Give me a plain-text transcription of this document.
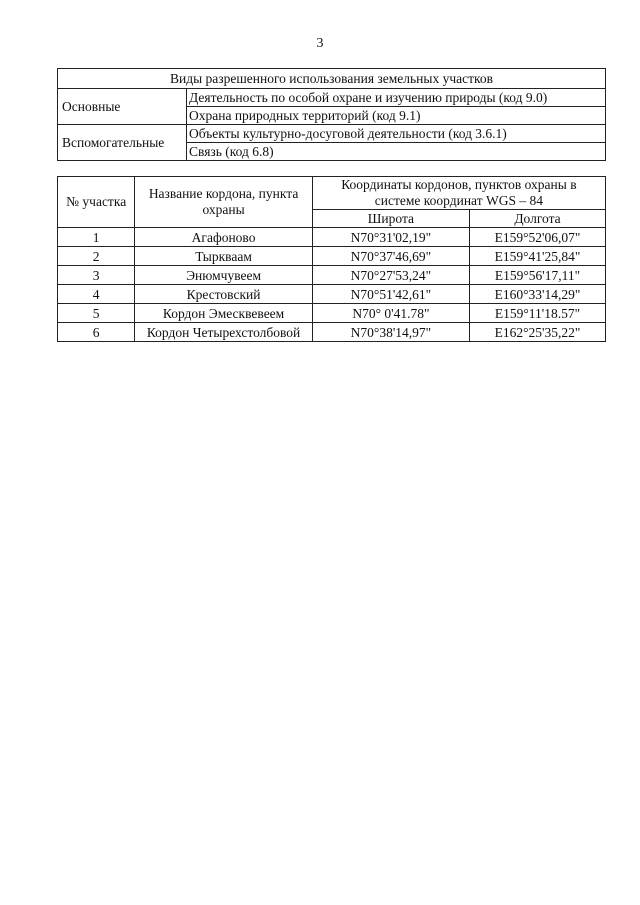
3
Виды разрешенного использования земельных участков	
Основные	Деятельность по особой охране и изучению природы (код 9.0)
	Охрана природных территорий (код 9.1)
Вспомогательные	Объекты культурно-досуговой деятельности (код 3.6.1)
	Связь (код 6.8)
№ участка	Название кордона, пункта охраны	Координаты кордонов, пунктов охраны в системе координат WGS – 84	
		Широта	Долгота
1	Агафоново	N70°31'02,19"	E159°52'06,07"
2	Тыркваам	N70°37'46,69"	E159°41'25,84"
3	Энюмчувеем	N70°27'53,24"	E159°56'17,11"
4	Крестовский	N70°51'42,61"	E160°33'14,29"
5	Кордон Эмесквевеем	N70° 0'41.78"	E159°11'18.57"
6	Кордон Четырехстолбовой	N70°38'14,97"	E162°25'35,22"
